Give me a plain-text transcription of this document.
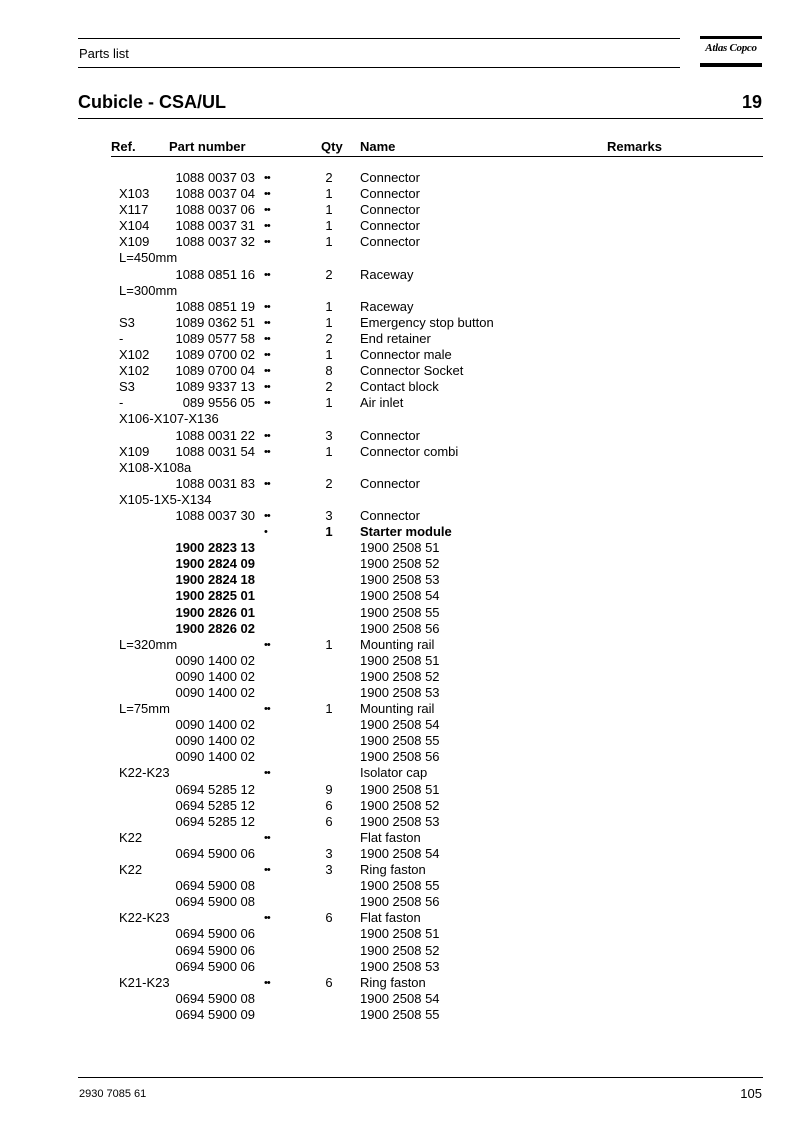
Parts list	Atlas Copco
Cubicle - CSA/UL	19
Ref.	Part number	Qty Name	Remarks
1088 0037 03 ••	2	Connector
X103 1088 0037 04 ••	1	Connector
X117 1088 0037 06 ••	1	Connector
X104 1088 0037 31 ••	1	Connector
X109 1088 0037 32 ••	1	Connector
L=450mm
1088 0851 16 ••	2	Raceway
L=300mm
1088 0851 19 ••	1	Raceway
S3	1089 0362 51 ••	1	Emergency stop button
-	1089 0577 58 ••	2	End retainer
X102 1089 0700 02 ••	1	Connector male
X102 1089 0700 04 ••	8	Connector Socket
S3	1089 9337 13 ••	2	Contact block
-	089 9556 05 ••	1	Air inlet
X106-X107-X136
1088 0031 22 ••	3	Connector
X109 1088 0031 54 ••	1	Connector combi
X108-X108a
1088 0031 83 ••	2	Connector
X105-1X5-X134
1088 0037 30 ••	3	Connector
•	1	Starter module
1900 2823 13	1900 2508 51
1900 2824 09	1900 2508 52
1900 2824 18	1900 2508 53
1900 2825 01	1900 2508 54
1900 2826 01	1900 2508 55
1900 2826 02	1900 2508 56
L=320mm	••	1	Mounting rail
0090 1400 02	1900 2508 51
0090 1400 02	1900 2508 52
0090 1400 02	1900 2508 53
L=75mm	••	1	Mounting rail
0090 1400 02	1900 2508 54
0090 1400 02	1900 2508 55
0090 1400 02	1900 2508 56
K22-K23	••	Isolator cap
0694 5285 12	9	1900 2508 51
0694 5285 12	6	1900 2508 52
0694 5285 12	6	1900 2508 53
K22	••	Flat faston
0694 5900 06	3	1900 2508 54
K22	••	3	Ring faston
0694 5900 08	1900 2508 55
0694 5900 08	1900 2508 56
K22-K23	••	6	Flat faston
0694 5900 06	1900 2508 51
0694 5900 06	1900 2508 52
0694 5900 06	1900 2508 53
K21-K23	••	6	Ring faston
0694 5900 08	1900 2508 54
0694 5900 09	1900 2508 55
2930 7085 61	105
